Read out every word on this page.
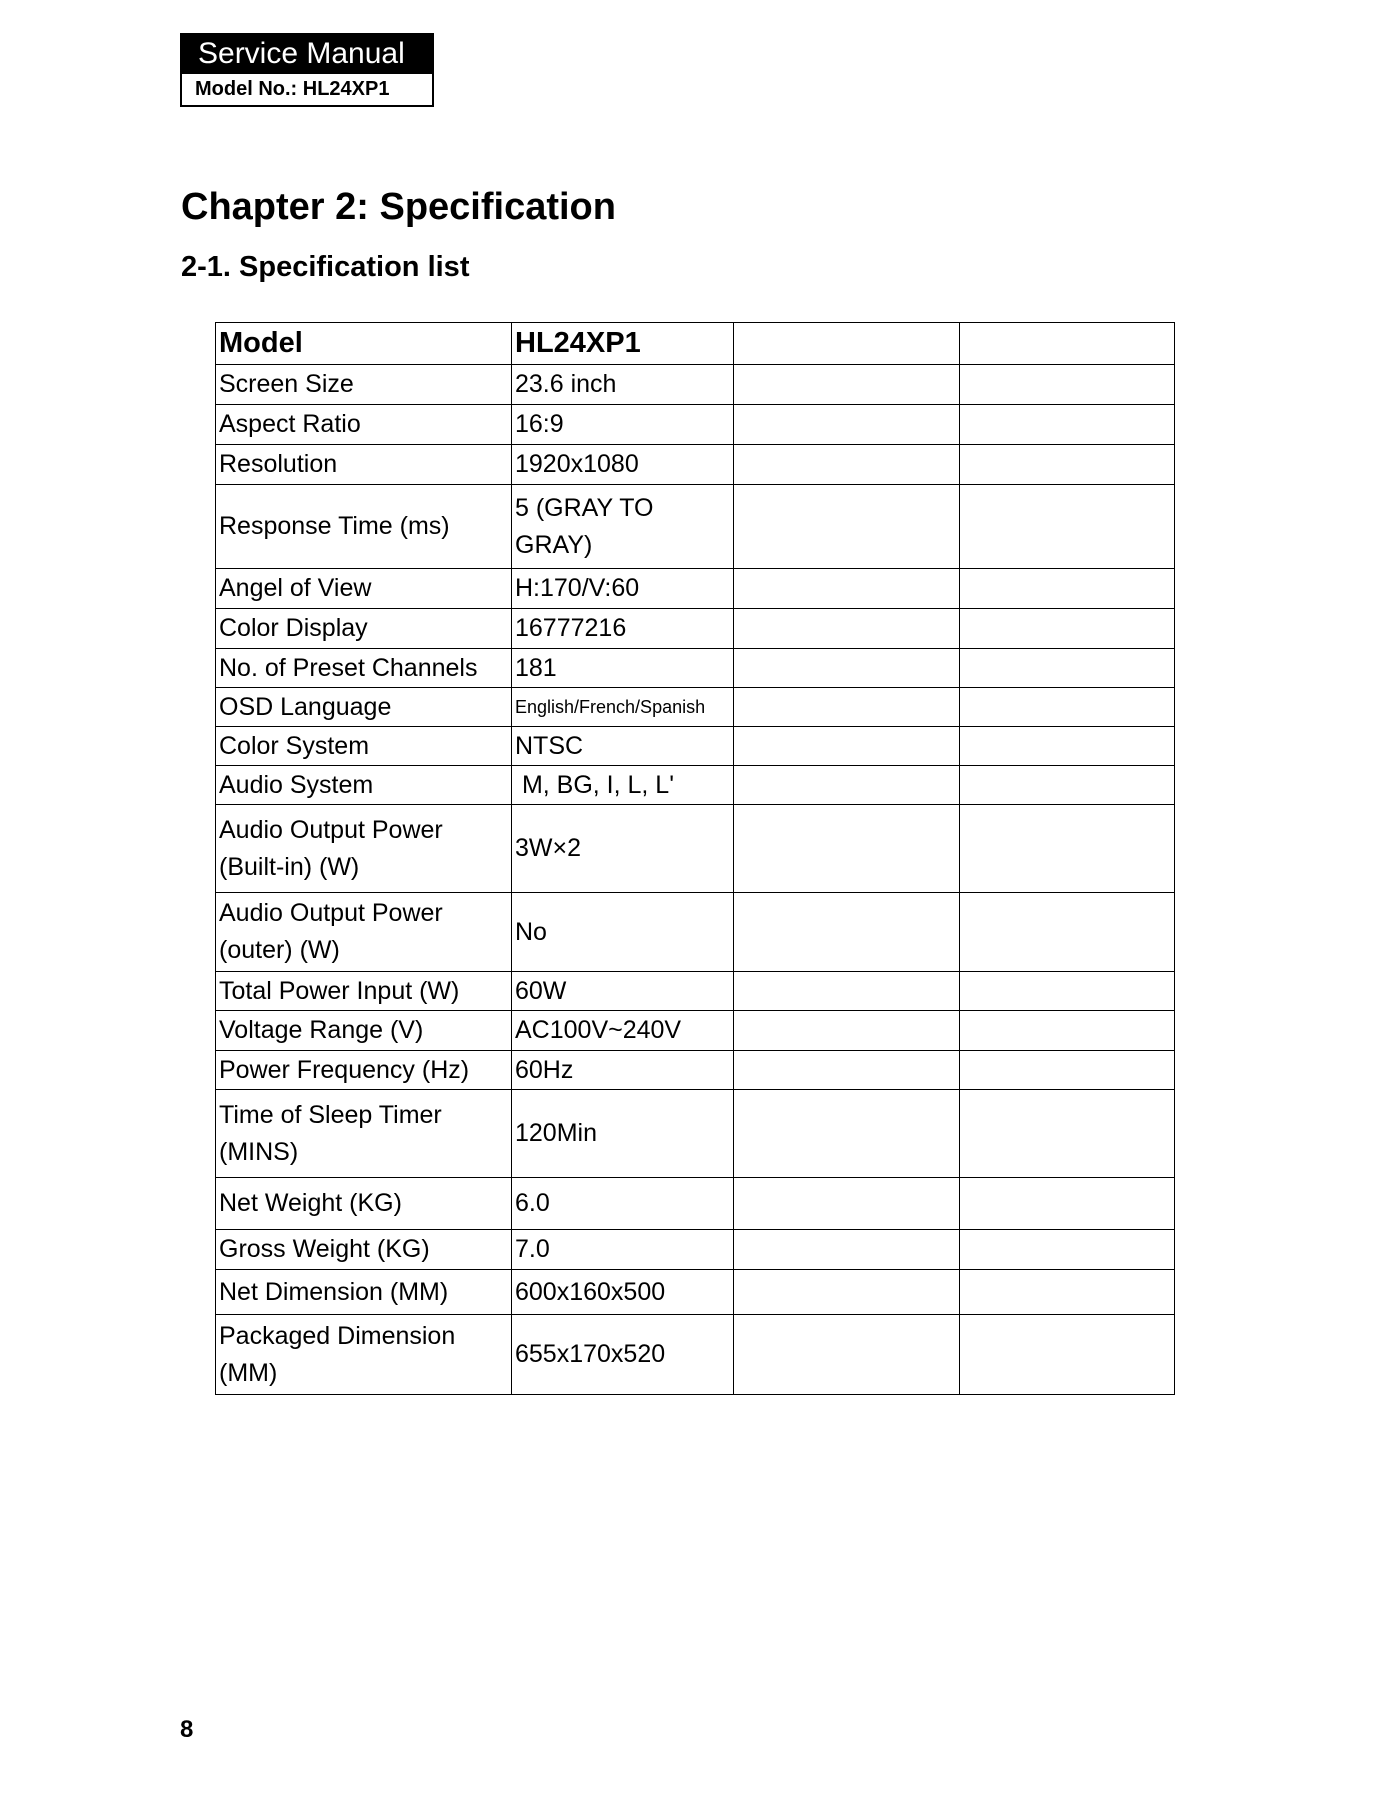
Service Manual
Model No.: HL24XP1
Chapter 2: Specification
2-1. Specification list
Model	HL24XP1		
Screen Size	23.6 inch		
Aspect Ratio	16:9		
Resolution	1920x1080		
Response Time (ms)	5 (GRAY TO GRAY)		
Angel of View	H:170/V:60		
Color Display	16777216		
No. of Preset Channels	181		
OSD Language	English/French/Spanish		
Color System	NTSC		
Audio System	M, BG, I, L, L'		
Audio Output Power (Built-in) (W)	3W×2		
Audio Output Power (outer) (W)	No		
Total Power Input (W)	60W		
Voltage Range (V)	AC100V~240V		
Power Frequency (Hz)	60Hz		
Time of Sleep Timer (MINS)	120Min		
Net Weight (KG)	6.0		
Gross Weight (KG)	7.0		
Net Dimension (MM)	600x160x500		
Packaged Dimension (MM)	655x170x520		
8
